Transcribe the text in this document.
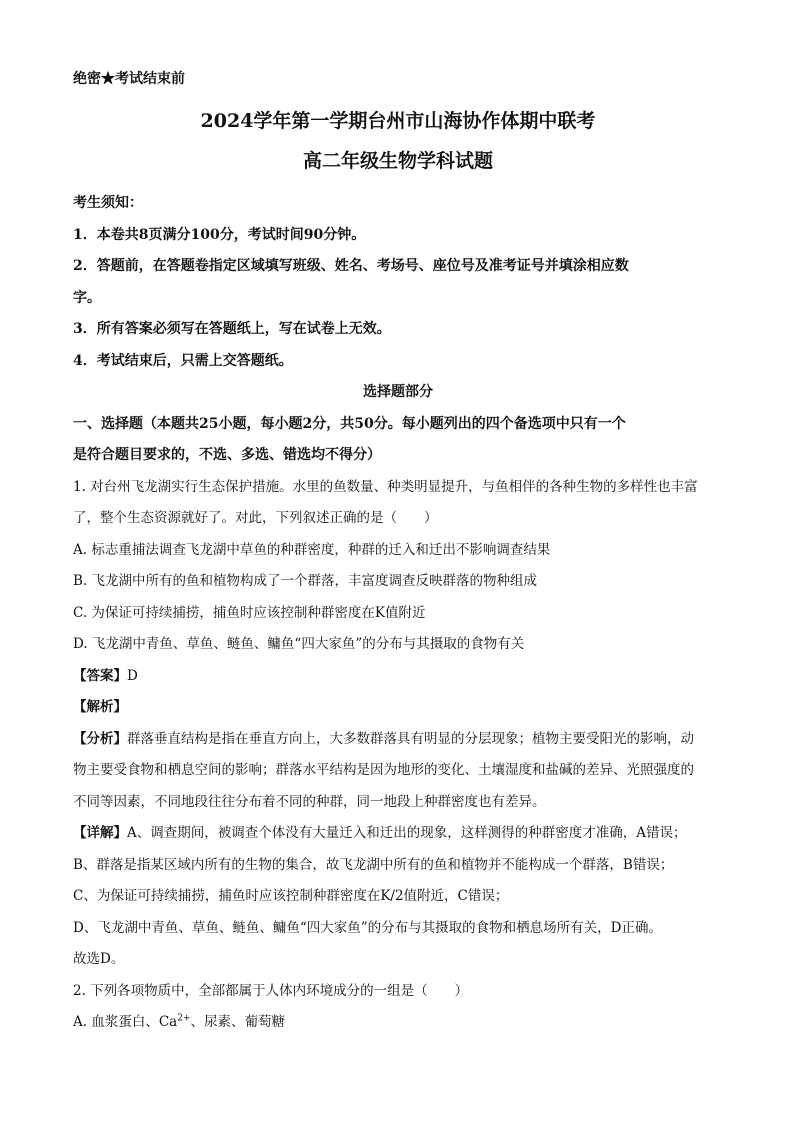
绝密★考试结束前

2024学年第一学期台州市山海协作体期中联考

高二年级生物学科试题

考生须知：

1．本卷共8页满分100分，考试时间90分钟。

2．答题前，在答题卷指定区域填写班级、姓名、考场号、座位号及准考证号并填涂相应数

字。

3．所有答案必须写在答题纸上，写在试卷上无效。

4．考试结束后，只需上交答题纸。

选择题部分

一、选择题（本题共25小题，每小题2分，共50分。每小题列出的四个备选项中只有一个

是符合题目要求的，不选、多选、错选均不得分）

1. 对台州飞龙湖实行生态保护措施。水里的鱼数量、种类明显提升，与鱼相伴的各种生物的多样性也丰富

了，整个生态资源就好了。对此，下列叙述正确的是（　　）

A. 标志重捕法调查飞龙湖中草鱼的种群密度，种群的迁入和迁出不影响调查结果

B. 飞龙湖中所有的鱼和植物构成了一个群落，丰富度调查反映群落的物种组成

C. 为保证可持续捕捞，捕鱼时应该控制种群密度在K值附近

D. 飞龙湖中青鱼、草鱼、鲢鱼、鳙鱼“四大家鱼”的分布与其摄取的食物有关

【答案】D

【解析】

【分析】群落垂直结构是指在垂直方向上，大多数群落具有明显的分层现象；植物主要受阳光的影响，动

物主要受食物和栖息空间的影响；群落水平结构是因为地形的变化、土壤湿度和盐碱的差异、光照强度的

不同等因素，不同地段往往分布着不同的种群，同一地段上种群密度也有差异。

【详解】A、调查期间，被调查个体没有大量迁入和迁出的现象，这样测得的种群密度才准确，A错误；

B、群落是指某区域内所有的生物的集合，故飞龙湖中所有的鱼和植物并不能构成一个群落，B错误；

C、为保证可持续捕捞，捕鱼时应该控制种群密度在K/2值附近，C错误；

D、飞龙湖中青鱼、草鱼、鲢鱼、鳙鱼“四大家鱼”的分布与其摄取的食物和栖息场所有关，D正确。

故选D。

2. 下列各项物质中，全部都属于人体内环境成分的一组是（　　）

A. 血浆蛋白、$Ca^{2+}$、尿素、葡萄糖
